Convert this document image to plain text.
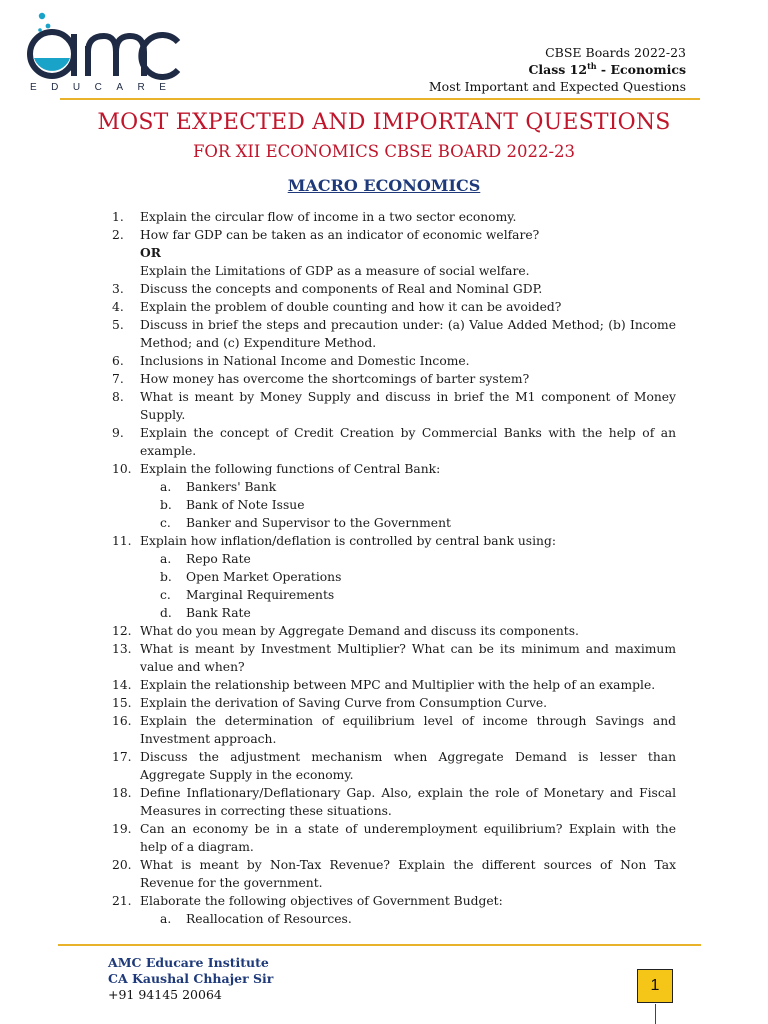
EDUCARE
CBSE Boards 2022-23
Class 12th - Economics
Most Important and Expected Questions
MOST EXPECTED AND IMPORTANT QUESTIONS
FOR XII ECONOMICS CBSE BOARD 2022-23
MACRO ECONOMICS
1.	Explain the circular flow of income in a two sector economy.
2.	How far GDP can be taken as an indicator of economic welfare?
OR
Explain the Limitations of GDP as a measure of social welfare.
3.	Discuss the concepts and components of Real and Nominal GDP.
4.	Explain the problem of double counting and how it can be avoided?
5.	Discuss in brief the steps and precaution under: (a) Value Added Method; (b) Income Method; and (c) Expenditure Method.
6.	Inclusions in National Income and Domestic Income.
7.	How money has overcome the shortcomings of barter system?
8.	What is meant by Money Supply and discuss in brief the M1 component of Money Supply.
9.	Explain the concept of Credit Creation by Commercial Banks with the help of an example.
10. Explain the following functions of Central Bank:
a.	Bankers' Bank
b.	Bank of Note Issue
c.	Banker and Supervisor to the Government
11. Explain how inflation/deflation is controlled by central bank using:
a.	Repo Rate
b.	Open Market Operations
c.	Marginal Requirements
d.	Bank Rate
12. What do you mean by Aggregate Demand and discuss its components.
13. What is meant by Investment Multiplier? What can be its minimum and maximum value and when?
14. Explain the relationship between MPC and Multiplier with the help of an example.
15. Explain the derivation of Saving Curve from Consumption Curve.
16. Explain the determination of equilibrium level of income through Savings and Investment approach.
17. Discuss the adjustment mechanism when Aggregate Demand is lesser than Aggregate Supply in the economy.
18. Define Inflationary/Deflationary Gap. Also, explain the role of Monetary and Fiscal Measures in correcting these situations.
19. Can an economy be in a state of underemployment equilibrium? Explain with the help of a diagram.
20. What is meant by Non-Tax Revenue? Explain the different sources of Non Tax Revenue for the government.
21. Elaborate the following objectives of Government Budget:
a.	Reallocation of Resources.
AMC Educare Institute
CA Kaushal Chhajer Sir
+91 94145 20064
1
